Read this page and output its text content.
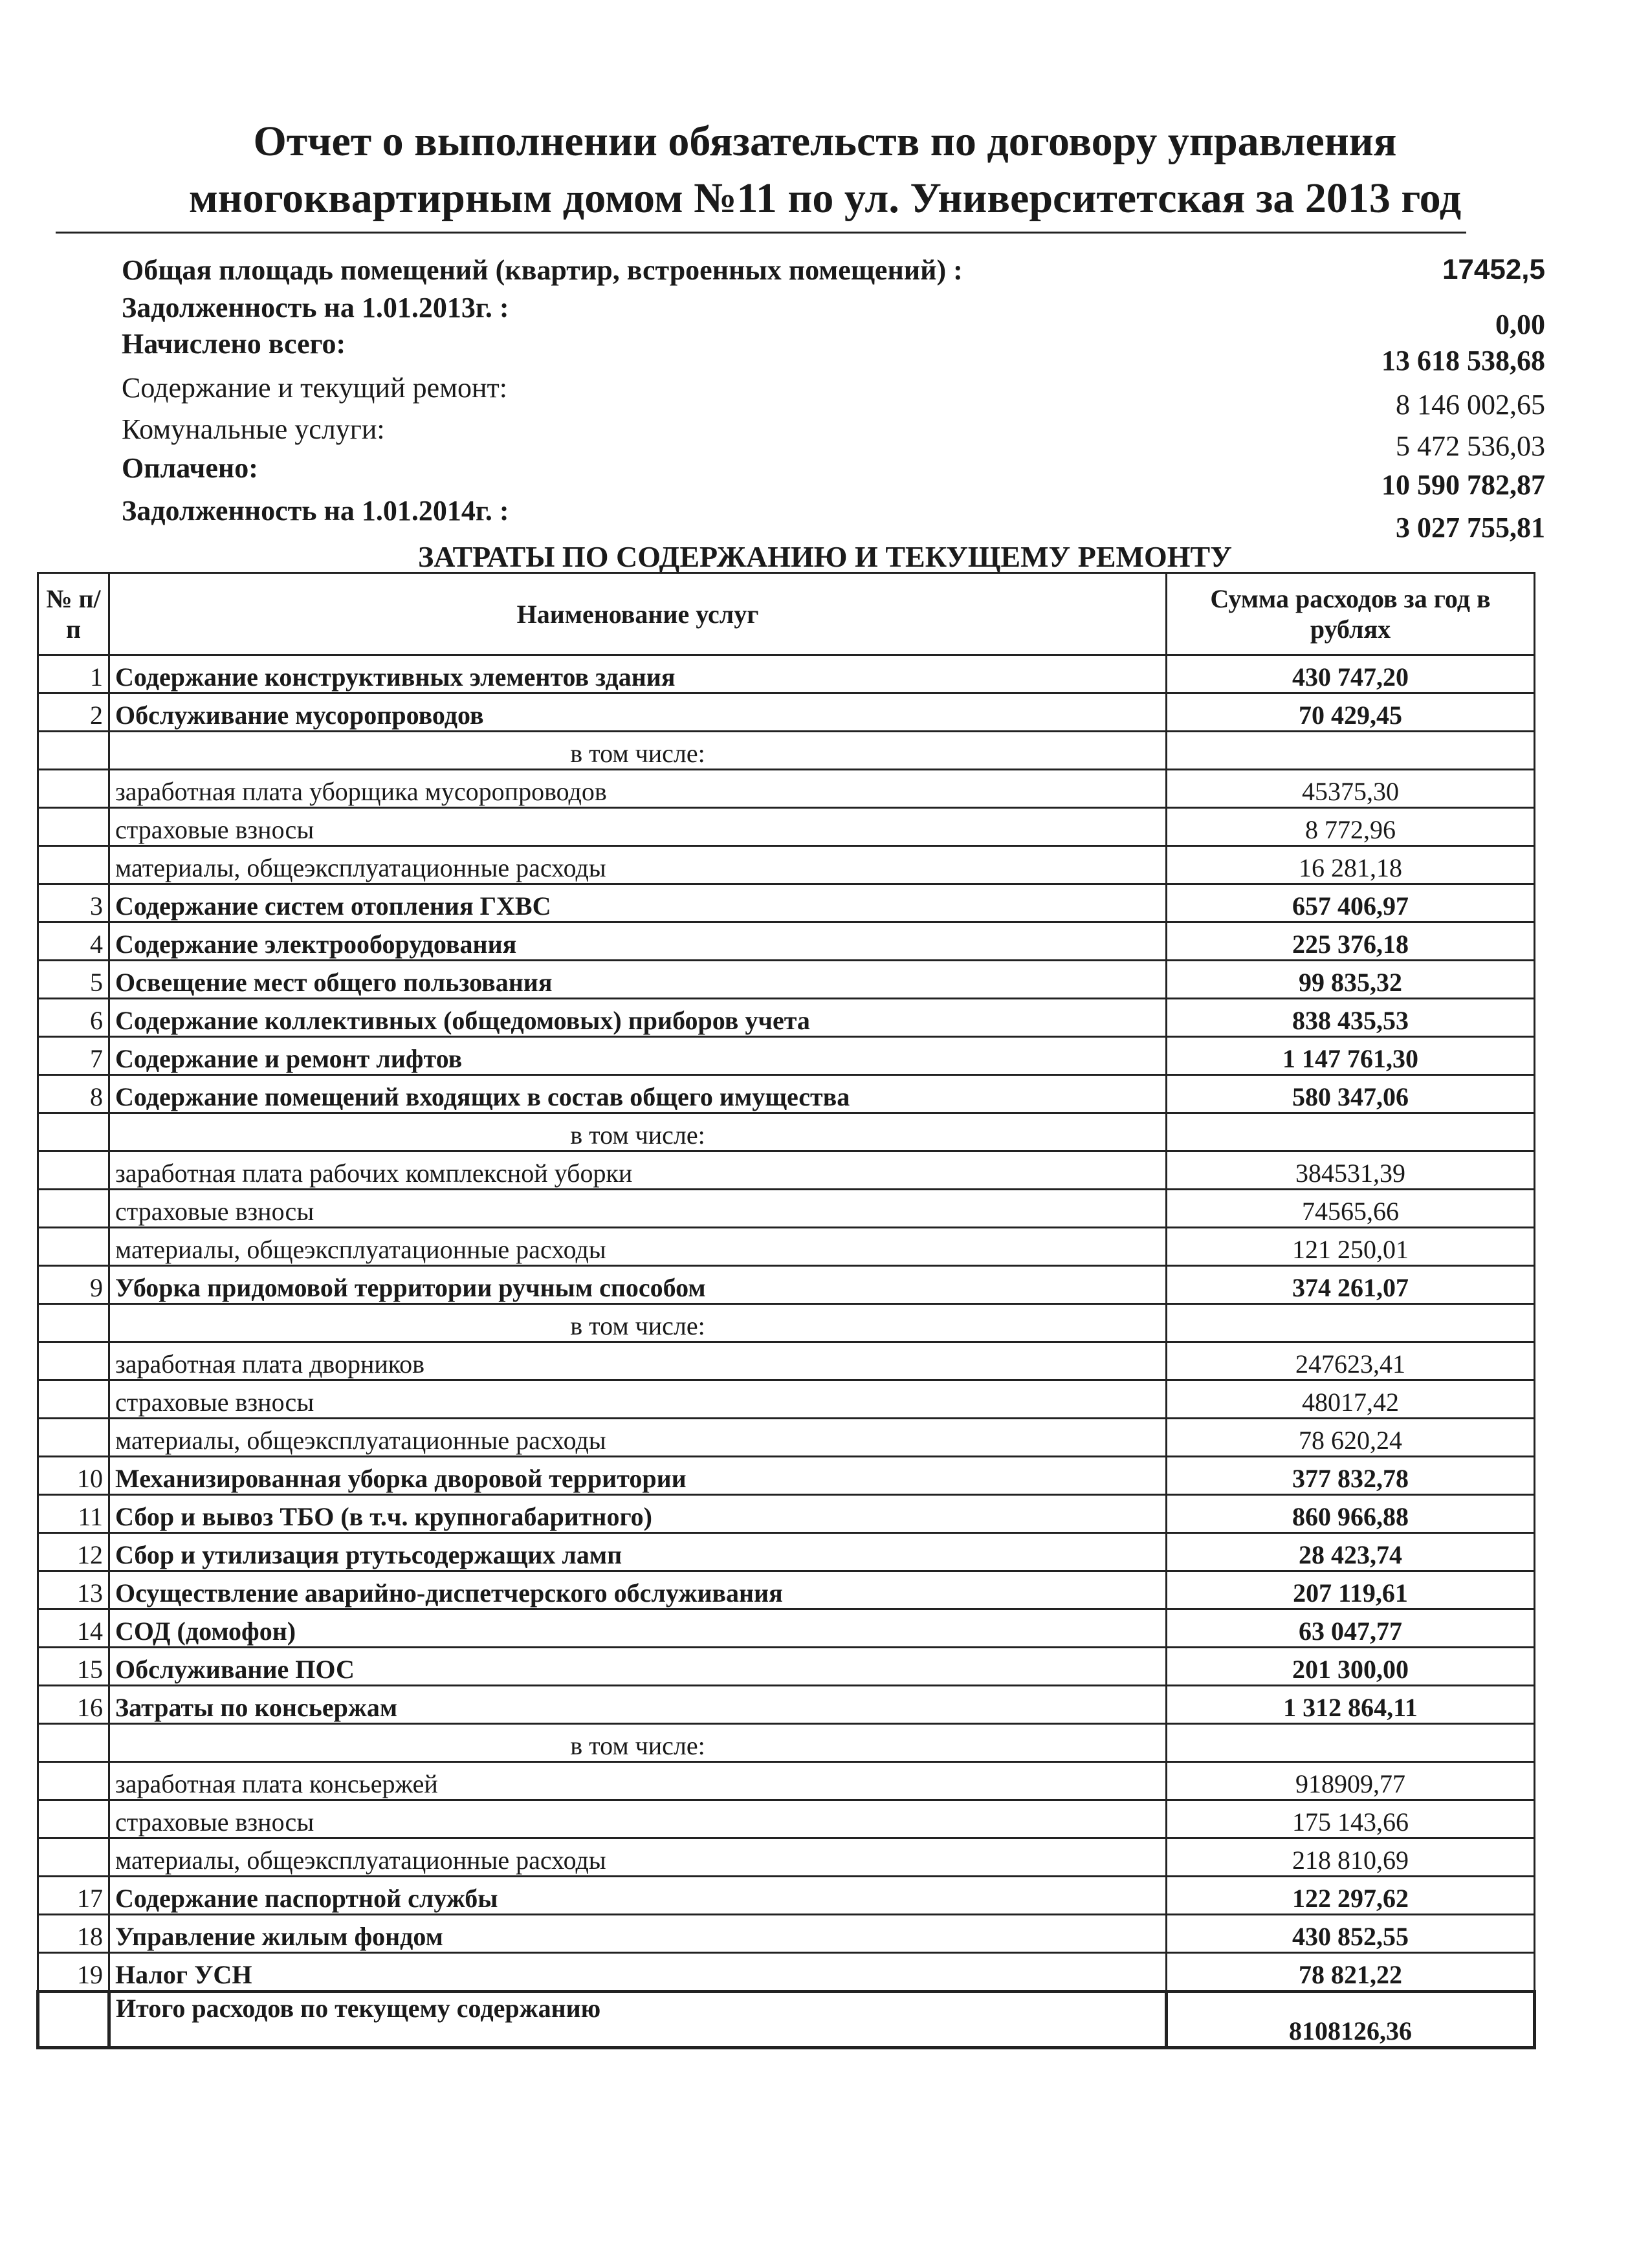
Отчет о выполнении обязательств по договору управления
многоквартирным домом №11 по ул. Университетская за 2013 год
Общая площадь помещений (квартир, встроенных помещений) :	17452,5
Задолженность на 1.01.2013г. :
0,00
Начислено всего:
13 618 538,68
Содержание и текущий ремонт:
8 146 002,65
Комунальные услуги:
5 472 536,03
Оплачено:
10 590 782,87
Задолженность на 1.01.2014г. :
3 027 755,81
ЗАТРАТЫ ПО СОДЕРЖАНИЮ И ТЕКУЩЕМУ РЕМОНТУ
№ п/п	Наименование услуг	Сумма расходов за год в рублях
1	Содержание конструктивных элементов здания	430 747,20
2	Обслуживание мусоропроводов	70 429,45
	в том числе:	
	заработная плата уборщика мусоропроводов	45375,30
	страховые взносы	8 772,96
	материалы, общеэксплуатационные расходы	16 281,18
3	Содержание систем отопления ГХВС	657 406,97
4	Содержание электрооборудования	225 376,18
5	Освещение мест общего пользования	99 835,32
6	Содержание коллективных (общедомовых) приборов учета	838 435,53
7	Содержание и ремонт лифтов	1 147 761,30
8	Содержание помещений входящих в состав общего имущества	580 347,06
	в том числе:	
	заработная плата рабочих комплексной уборки	384531,39
	страховые взносы	74565,66
	материалы, общеэксплуатационные расходы	121 250,01
9	Уборка придомовой территории ручным способом	374 261,07
	в том числе:	
	заработная плата дворников	247623,41
	страховые взносы	48017,42
	материалы, общеэксплуатационные расходы	78 620,24
10	Механизированная уборка дворовой территории	377 832,78
11	Сбор и вывоз ТБО (в т.ч. крупногабаритного)	860 966,88
12	Сбор и утилизация ртутьсодержащих ламп	28 423,74
13	Осуществление аварийно-диспетчерского обслуживания	207 119,61
14	СОД (домофон)	63 047,77
15	Обслуживание ПОС	201 300,00
16	Затраты по консьержам	1 312 864,11
	в том числе:	
	заработная плата консьержей	918909,77
	страховые взносы	175 143,66
	материалы, общеэксплуатационные расходы	218 810,69
17	Содержание паспортной службы	122 297,62
18	Управление жилым фондом	430 852,55
19	Налог УСН	78 821,22
	Итого расходов по текущему содержанию	8108126,36
